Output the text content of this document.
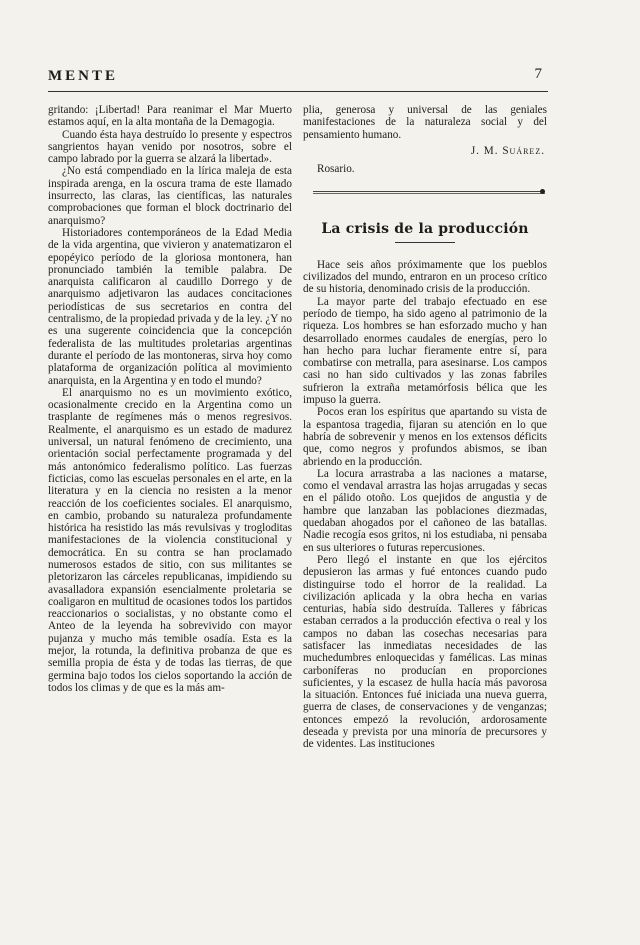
MENTE	7

gritando: ¡Libertad! Para reanimar el Mar Muerto estamos aquí, en la alta montaña de la Demagogia.

Cuando ésta haya destruído lo presente y espectros sangrientos hayan venido por nosotros, sobre el campo labrado por la guerra se alzará la libertad».

¿No está compendiado en la lírica maleja de esta inspirada arenga, en la oscura trama de este llamado insurrecto, las claras, las científicas, las naturales comprobaciones que forman el block doctrinario del anarquismo?

Historiadores contemporáneos de la Edad Media de la vida argentina, que vivieron y anatematizaron el epopéyico período de la gloriosa montonera, han pronunciado también la temible palabra. De anarquista calificaron al caudillo Dorrego y de anarquismo adjetivaron las audaces concitaciones periodísticas de sus secretarios en contra del centralismo, de la propiedad privada y de la ley. ¿Y no es una sugerente coincidencia que la concepción federalista de las multitudes proletarias argentinas durante el período de las montoneras, sirva hoy como plataforma de organización política al movimiento anarquista, en la Argentina y en todo el mundo?

El anarquismo no es un movimiento exótico, ocasionalmente crecido en la Argentina como un trasplante de regímenes más o menos regresivos. Realmente, el anarquismo es un estado de madurez universal, un natural fenómeno de crecimiento, una orientación social perfectamente programada y del más antonómico federalismo político. Las fuerzas ficticias, como las escuelas personales en el arte, en la literatura y en la ciencia no resisten a la menor reacción de los coeficientes sociales. El anarquismo, en cambio, probando su naturaleza profundamente histórica ha resistido las más revulsivas y trogloditas manifestaciones de la violencia constitucional y democrática. En su contra se han proclamado numerosos estados de sitio, con sus militantes se pletorizaron las cárceles republicanas, impidiendo su avasalladora expansión esencialmente proletaria se coaligaron en multitud de ocasiones todos los partidos reaccionarios o socialistas, y no obstante como el Anteo de la leyenda ha sobrevivido con mayor pujanza y mucho más temible osadía. Esta es la mejor, la rotunda, la definitiva probanza de que es semilla propia de ésta y de todas las tierras, de que germina bajo todos los cielos soportando la acción de todos los climas y de que es la más am-

plia, generosa y universal de las geniales manifestaciones de la naturaleza social y del pensamiento humano.

J. M. Suárez.
Rosario.
La crisis de la producción

Hace seis años próximamente que los pueblos civilizados del mundo, entraron en un proceso crítico de su historia, denominado crisis de la producción.

La mayor parte del trabajo efectuado en ese período de tiempo, ha sido ageno al patrimonio de la riqueza. Los hombres se han esforzado mucho y han desarrollado enormes caudales de energías, pero lo han hecho para luchar fieramente entre sí, para combatirse con metralla, para asesinarse. Los campos casi no han sido cultivados y las zonas fabriles sufrieron la extraña metamórfosis bélica que les impuso la guerra.

Pocos eran los espíritus que apartando su vista de la espantosa tragedia, fijaran su atención en lo que habría de sobrevenir y menos en los extensos déficits que, como negros y profundos abismos, se iban abriendo en la producción.

La locura arrastraba a las naciones a matarse, como el vendaval arrastra las hojas arrugadas y secas en el pálido otoño. Los quejidos de angustia y de hambre que lanzaban las poblaciones diezmadas, quedaban ahogados por el cañoneo de las batallas. Nadie recogía esos gritos, ni los estudiaba, ni pensaba en sus ulteriores o futuras repercusiones.

Pero llegó el instante en que los ejércitos depusieron las armas y fué entonces cuando pudo distinguirse todo el horror de la realidad. La civilización aplicada y la obra hecha en varias centurias, había sido destruída. Talleres y fábricas estaban cerrados a la producción efectiva o real y los campos no daban las cosechas necesarias para satisfacer las inmediatas necesidades de las muchedumbres enloquecidas y famélicas. Las minas carboníferas no producían en proporciones suficientes, y la escasez de hulla hacía más pavorosa la situación. Entonces fué iniciada una nueva guerra, guerra de clases, de conservaciones y de venganzas; entonces empezó la revolución, ardorosamente deseada y prevista por una minoría de precursores y de videntes. Las instituciones
